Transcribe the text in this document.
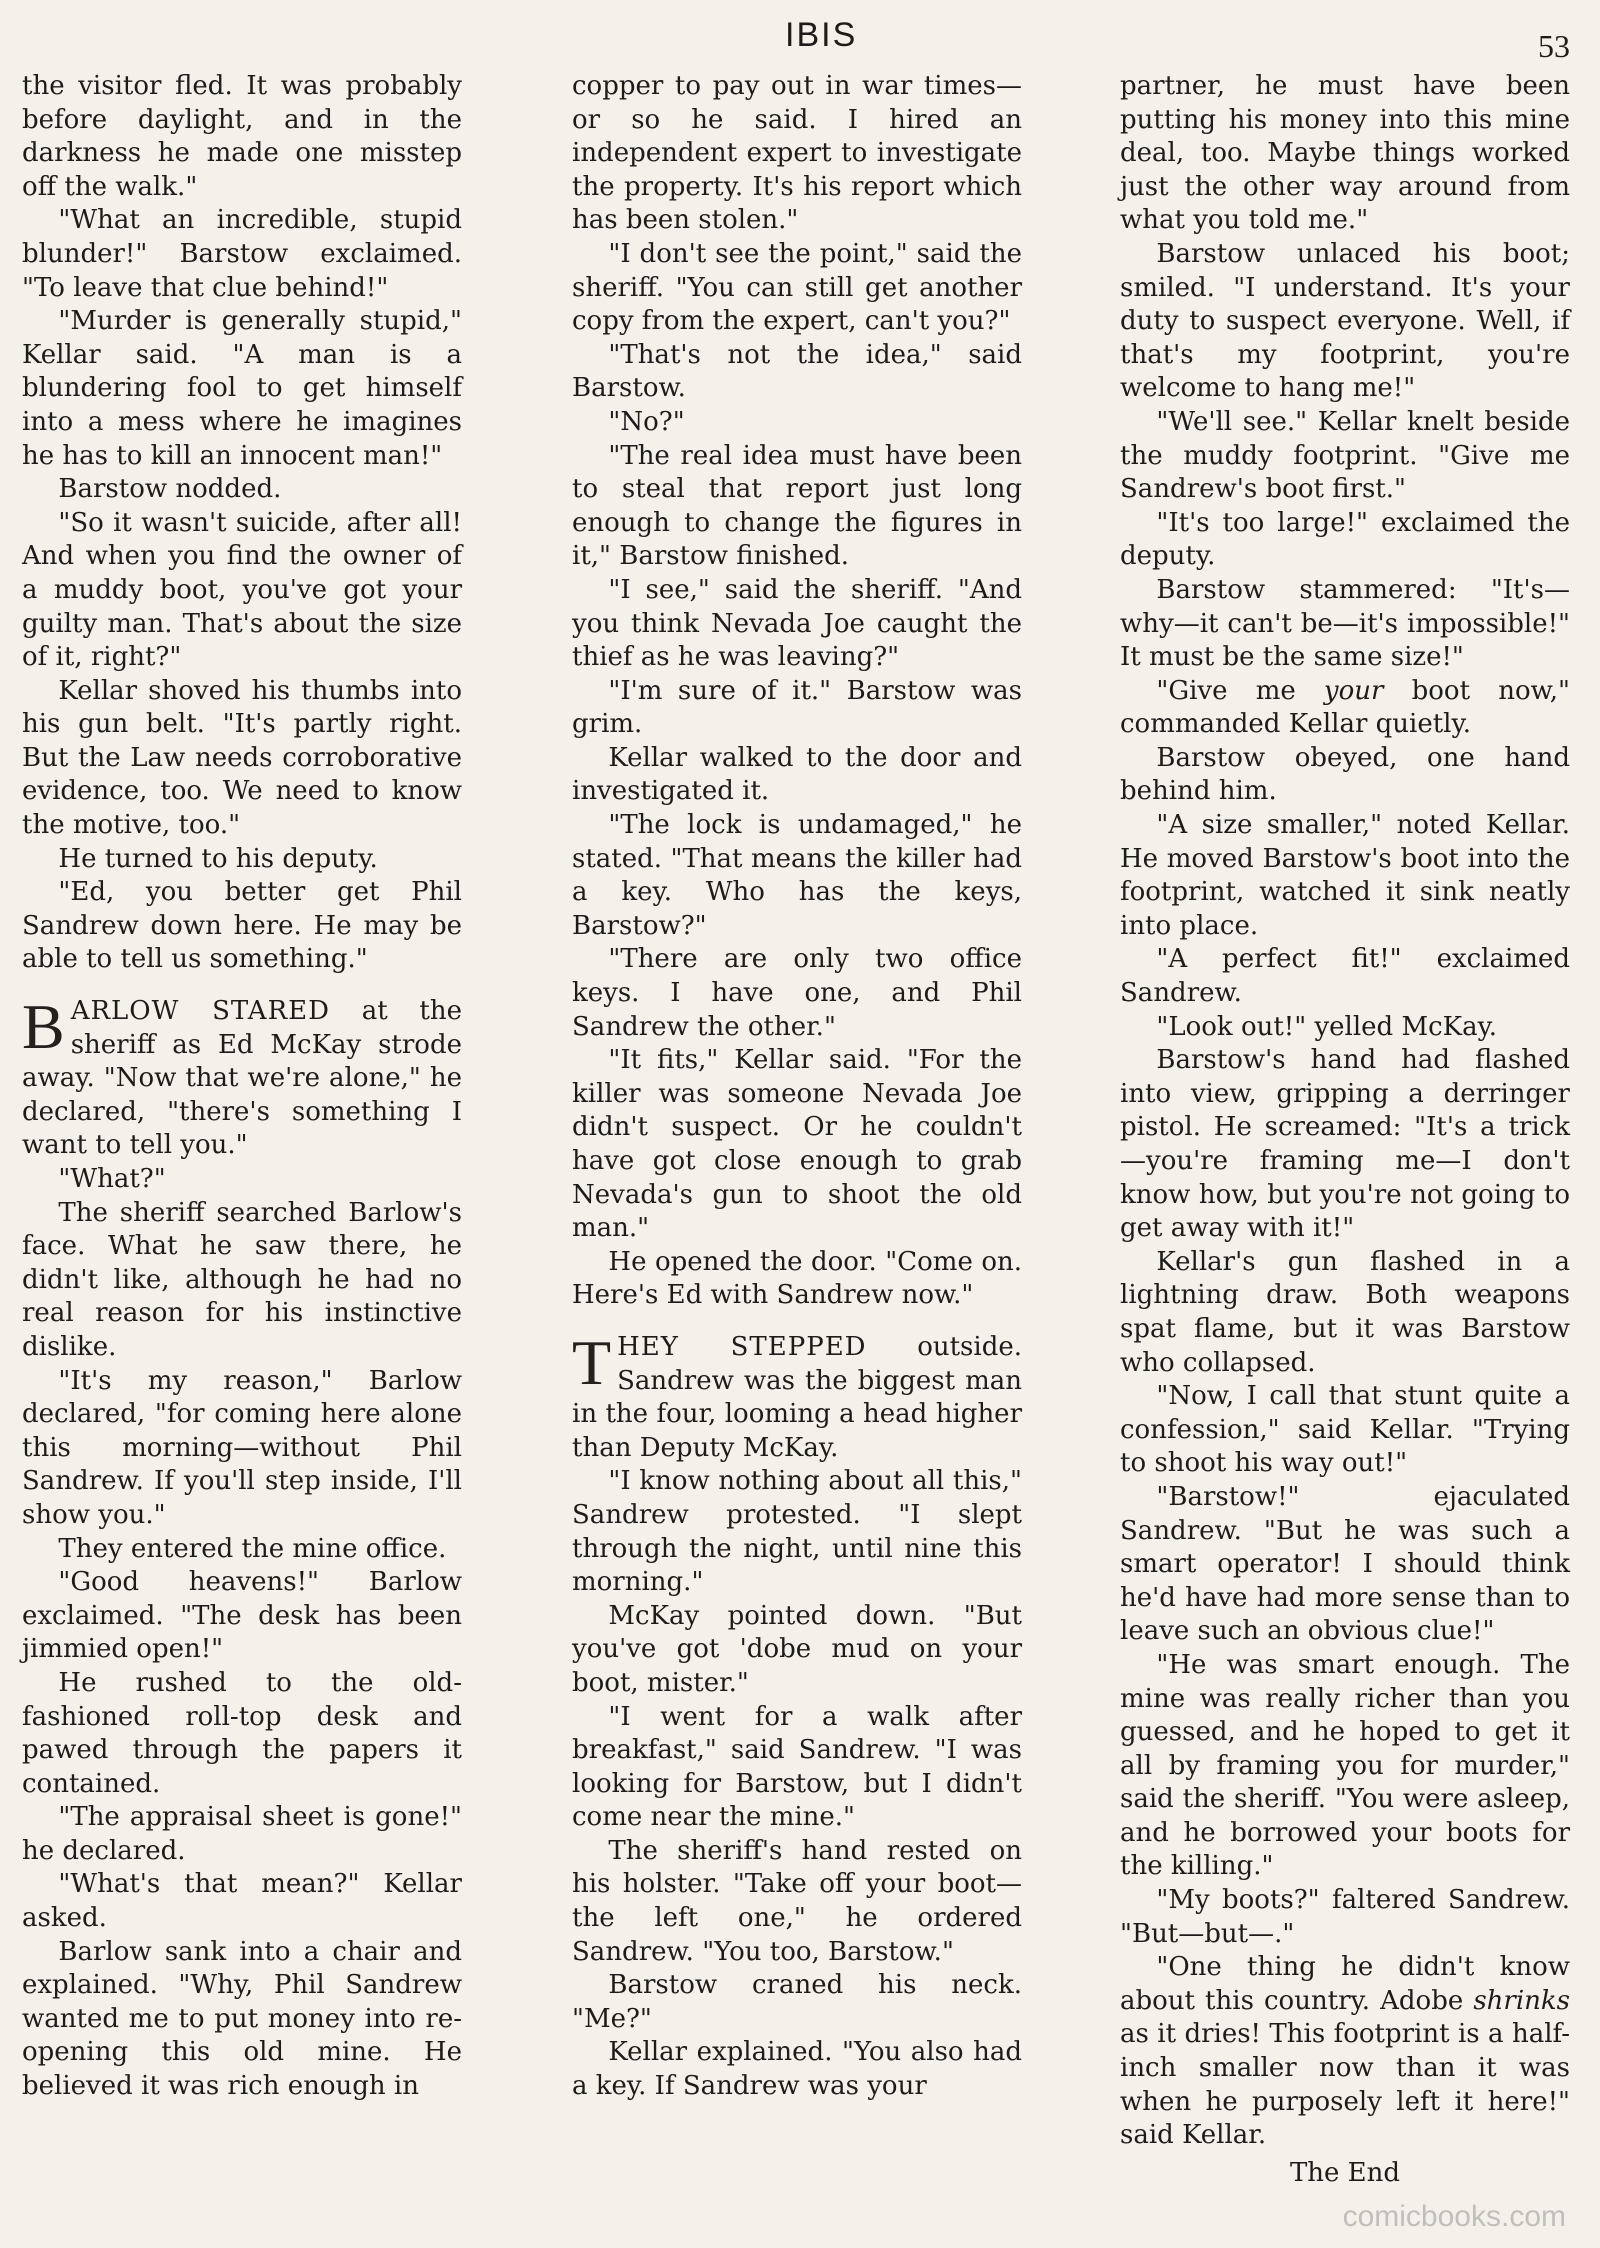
IBIS	53

the visitor fled. It was probably before daylight, and in the darkness he made one misstep off the walk."

"What an incredible, stupid blunder!" Barstow exclaimed. "To leave that clue behind!"

"Murder is generally stupid," Kellar said. "A man is a blundering fool to get himself into a mess where he imagines he has to kill an innocent man!"

Barstow nodded.

"So it wasn't suicide, after all! And when you find the owner of a muddy boot, you've got your guilty man. That's about the size of it, right?"

Kellar shoved his thumbs into his gun belt. "It's partly right. But the Law needs corroborative evidence, too. We need to know the motive, too."

He turned to his deputy.

"Ed, you better get Phil Sandrew down here. He may be able to tell us something."

BARLOW STARED at the sheriff as Ed McKay strode away. "Now that we're alone," he declared, "there's something I want to tell you."

"What?"

The sheriff searched Barlow's face. What he saw there, he didn't like, although he had no real reason for his instinctive dislike.

"It's my reason," Barlow declared, "for coming here alone this morning—without Phil Sandrew. If you'll step inside, I'll show you."

They entered the mine office.

"Good heavens!" Barlow exclaimed. "The desk has been jimmied open!"

He rushed to the old-fashioned roll-top desk and pawed through the papers it contained.

"The appraisal sheet is gone!" he declared.

"What's that mean?" Kellar asked.

Barlow sank into a chair and explained. "Why, Phil Sandrew wanted me to put money into re-opening this old mine. He believed it was rich enough in

copper to pay out in war times—or so he said. I hired an independent expert to investigate the property. It's his report which has been stolen."

"I don't see the point," said the sheriff. "You can still get another copy from the expert, can't you?"

"That's not the idea," said Barstow.

"No?"

"The real idea must have been to steal that report just long enough to change the figures in it," Barstow finished.

"I see," said the sheriff. "And you think Nevada Joe caught the thief as he was leaving?"

"I'm sure of it." Barstow was grim.

Kellar walked to the door and investigated it.

"The lock is undamaged," he stated. "That means the killer had a key. Who has the keys, Barstow?"

"There are only two office keys. I have one, and Phil Sandrew the other."

"It fits," Kellar said. "For the killer was someone Nevada Joe didn't suspect. Or he couldn't have got close enough to grab Nevada's gun to shoot the old man."

He opened the door. "Come on. Here's Ed with Sandrew now."

THEY STEPPED outside. Sandrew was the biggest man in the four, looming a head higher than Deputy McKay.

"I know nothing about all this," Sandrew protested. "I slept through the night, until nine this morning."

McKay pointed down. "But you've got 'dobe mud on your boot, mister."

"I went for a walk after breakfast," said Sandrew. "I was looking for Barstow, but I didn't come near the mine."

The sheriff's hand rested on his holster. "Take off your boot—the left one," he ordered Sandrew. "You too, Barstow."

Barstow craned his neck. "Me?"

Kellar explained. "You also had a key. If Sandrew was your

partner, he must have been putting his money into this mine deal, too. Maybe things worked just the other way around from what you told me."

Barstow unlaced his boot; smiled. "I understand. It's your duty to suspect everyone. Well, if that's my footprint, you're welcome to hang me!"

"We'll see." Kellar knelt beside the muddy footprint. "Give me Sandrew's boot first."

"It's too large!" exclaimed the deputy.

Barstow stammered: "It's—why—it can't be—it's impossible!" It must be the same size!"

"Give me your boot now," commanded Kellar quietly.

Barstow obeyed, one hand behind him.

"A size smaller," noted Kellar. He moved Barstow's boot into the footprint, watched it sink neatly into place.

"A perfect fit!" exclaimed Sandrew.

"Look out!" yelled McKay.

Barstow's hand had flashed into view, gripping a derringer pistol. He screamed: "It's a trick—you're framing me—I don't know how, but you're not going to get away with it!"

Kellar's gun flashed in a lightning draw. Both weapons spat flame, but it was Barstow who collapsed.

"Now, I call that stunt quite a confession," said Kellar. "Trying to shoot his way out!"

"Barstow!" ejaculated Sandrew. "But he was such a smart operator! I should think he'd have had more sense than to leave such an obvious clue!"

"He was smart enough. The mine was really richer than you guessed, and he hoped to get it all by framing you for murder," said the sheriff. "You were asleep, and he borrowed your boots for the killing."

"My boots?" faltered Sandrew. "But—but—."

"One thing he didn't know about this country. Adobe shrinks as it dries! This footprint is a half-inch smaller now than it was when he purposely left it here!" said Kellar.

The End

comicbooks.com
